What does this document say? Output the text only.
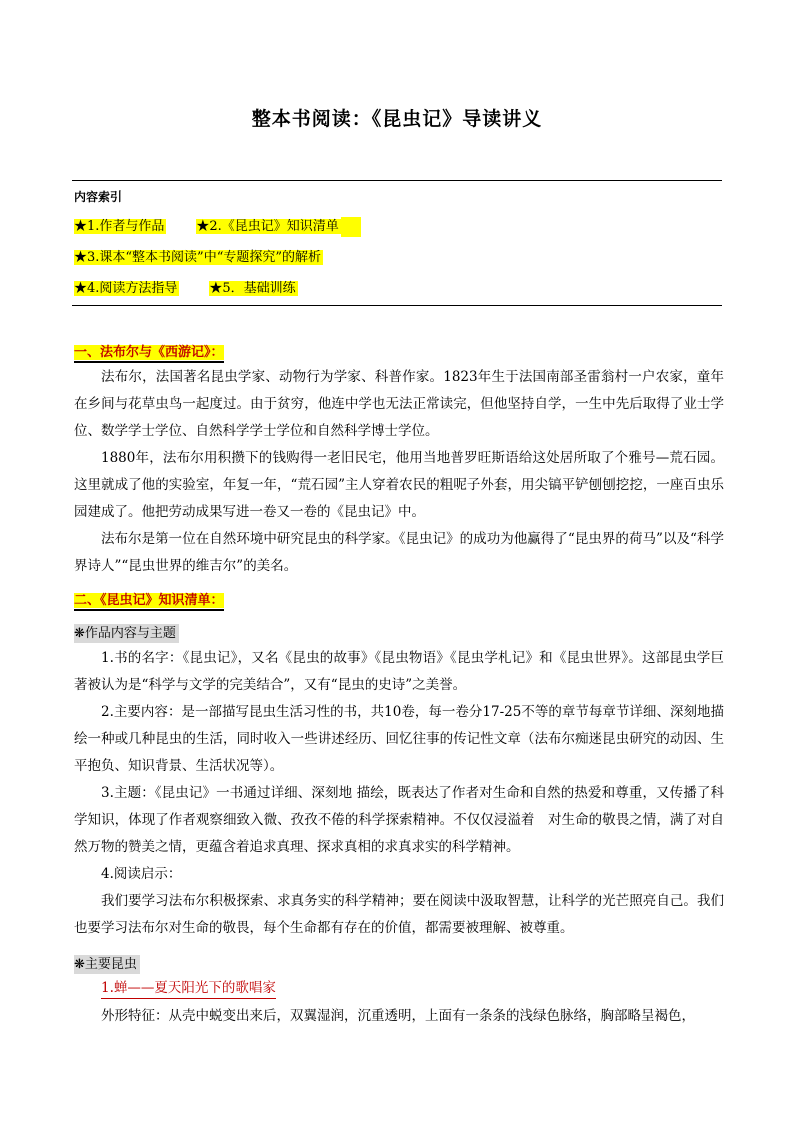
整本书阅读：《昆虫记》导读讲义
内容索引
★1.作者与作品 ★2.《昆虫记》知识清单
★3.课本“整本书阅读”中“专题探究”的解析
★4.阅读方法指导 ★5．基础训练
一、法布尔与《西游记》：

法布尔，法国著名昆虫学家、动物行为学家、科普作家。1823年生于法国南部圣雷翁村一户农家，童年在乡间与花草虫鸟一起度过。由于贫穷，他连中学也无法正常读完，但他坚持自学，一生中先后取得了业士学位、数学学士学位、自然科学学士学位和自然科学博士学位。

1880年，法布尔用积攒下的钱购得一老旧民宅，他用当地普罗旺斯语给这处居所取了个雅号—荒石园。这里就成了他的实验室，年复一年，“荒石园”主人穿着农民的粗呢子外套，用尖镐平铲刨刨挖挖，一座百虫乐园建成了。他把劳动成果写进一卷又一卷的《昆虫记》中。

法布尔是第一位在自然环境中研究昆虫的科学家。《昆虫记》的成功为他赢得了“昆虫界的荷马”以及“科学界诗人”“昆虫世界的维吉尔”的美名。

二、《昆虫记》知识清单：
❋作品内容与主题

1.书的名字：《昆虫记》，又名《昆虫的故事》《昆虫物语》《昆虫学札记》和《昆虫世界》。这部昆虫学巨著被认为是“科学与文学的完美结合”，又有“昆虫的史诗”之美誉。

2.主要内容：是一部描写昆虫生活习性的书，共10卷，每一卷分17-25不等的章节每章节详细、深刻地描绘一种或几种昆虫的生活，同时收入一些讲述经历、回忆往事的传记性文章（法布尔痴迷昆虫研究的动因、生平抱负、知识背景、生活状况等）。

3.主题：《昆虫记》一书通过详细、深刻地 描绘，既表达了作者对生命和自然的热爱和尊重，又传播了科学知识，体现了作者观察细致入微、孜孜不倦的科学探索精神。不仅仅浸溢着　对生命的敬畏之情，满了对自然万物的赞美之情，更蕴含着追求真理、探求真相的求真求实的科学精神。

4.阅读启示：

我们要学习法布尔积极探索、求真务实的科学精神；要在阅读中汲取智慧，让科学的光芒照亮自己。我们也要学习法布尔对生命的敬畏，每个生命都有存在的价值，都需要被理解、被尊重。

❋主要昆虫
1.蝉——夏天阳光下的歌唱家

外形特征：从壳中蜕变出来后，双翼湿润，沉重透明，上面有一条条的浅绿色脉络，胸部略呈褐色，
